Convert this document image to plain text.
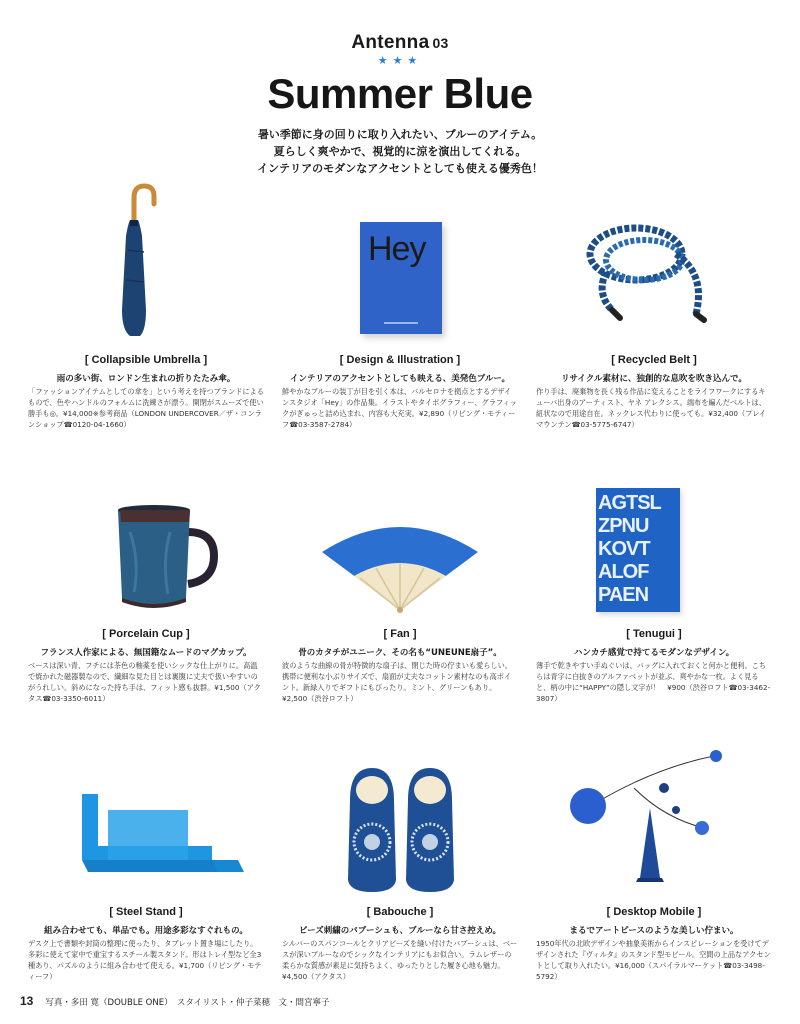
Antenna 03
★★★
Summer Blue
暑い季節に身の回りに取り入れたい、ブルーのアイテム。
夏らしく爽やかで、視覚的に涼を演出してくれる。
インテリアのモダンなアクセントとしても使える優秀色！
[ Collapsible Umbrella ]
雨の多い街、ロンドン生まれの折りたたみ傘。
「ファッションアイテムとしての傘を」という考えを持つブランドによるもので、色やハンドルのフォルムに洗練さが漂う。開閉がスムーズで使い勝手も◎。¥14,000※参考商品（LONDON UNDERCOVER／ザ・コンランショップ☎0120-04-1660）
Hey
[ Design & Illustration ]
インテリアのアクセントとしても映える、美発色ブルー。
鮮やかなブルーの装丁が目を引く本は、バルセロナを拠点とするデザインスタジオ「Hey」の作品集。イラストやタイポグラフィー、グラフィックがぎゅっと詰め込まれ、内容も大充実。¥2,890（リビング・モティーフ☎03-3587-2784）
[ Recycled Belt ]
リサイクル素材に、独創的な息吹を吹き込んで。
作り手は、廃棄物を長く残る作品に変えることをライフワークにするキューバ出身のアーティスト、ヤネ アレクシス。端布を編んだベルトは、紐状なので用途自在。ネックレス代わりに使っても。¥32,400（プレイマウンテン☎03-5775-6747）
[ Porcelain Cup ]
フランス人作家による、無国籍なムードのマグカップ。
ベースは深い青、フチには茶色の釉薬を使いシックな仕上がりに。高温で焼かれた磁器製なので、繊細な見た目とは裏腹に丈夫で扱いやすいのがうれしい。斜めになった持ち手は、フィット感も抜群。¥1,500（アクタス☎03-3350-6011）
[ Fan ]
骨のカタチがユニーク、その名も“UNEUNE扇子”。
波のような曲線の骨が特徴的な扇子は、閉じた時の佇まいも愛らしい。携帯に便利な小ぶりサイズで、扇面が丈夫なコットン素材なのも高ポイント。新緑入りでギフトにもぴったり。ミント、グリーンもあり。¥2,500（渋谷ロフト）
AGTSL
ZPNU
KOVT
ALOF
PAEN
[ Tenugui ]
ハンカチ感覚で持てるモダンなデザイン。
薄手で乾きやすい手ぬぐいは、バッグに入れておくと何かと便利。こちらは青字に白抜きのアルファベットが並ぶ、爽やかな一枚。よく見ると、柄の中に“HAPPY”の隠し文字が！　¥900（渋谷ロフト☎03-3462-3807）
[ Steel Stand ]
組み合わせても、単品でも。用途多彩なすぐれもの。
デスク上で書類や封筒の整理に使ったり、タブレット置き場にしたり。多彩に使えて家中で重宝するスチール製スタンド。形はトレイ型など全3種あり、パズルのように組み合わせて使える。¥1,700（リビング・モティーフ）
[ Babouche ]
ビーズ刺繍のバブーシュも、ブルーなら甘さ控えめ。
シルバーのスパンコールとクリアビーズを縫い付けたバブーシュは、ベースが深いブルーなのでシックなインテリアにもお似合い。ラムレザーの柔らかな質感が素足に気持ちよく、ゆったりとした履き心地も魅力。¥4,500（アクタス）
[ Desktop Mobile ]
まるでアートピースのような美しい佇まい。
1950年代の北欧デザインや抽象美術からインスピレーションを受けてデザインされた『ヴィルタ』のスタンド型モビール。空間の上品なアクセントとして取り入れたい。¥16,000（スパイラルマーケット☎03-3498-5792）
13 写真・多田 寛（DOUBLE ONE）　スタイリスト・仲子菜穂　文・間宮寧子
